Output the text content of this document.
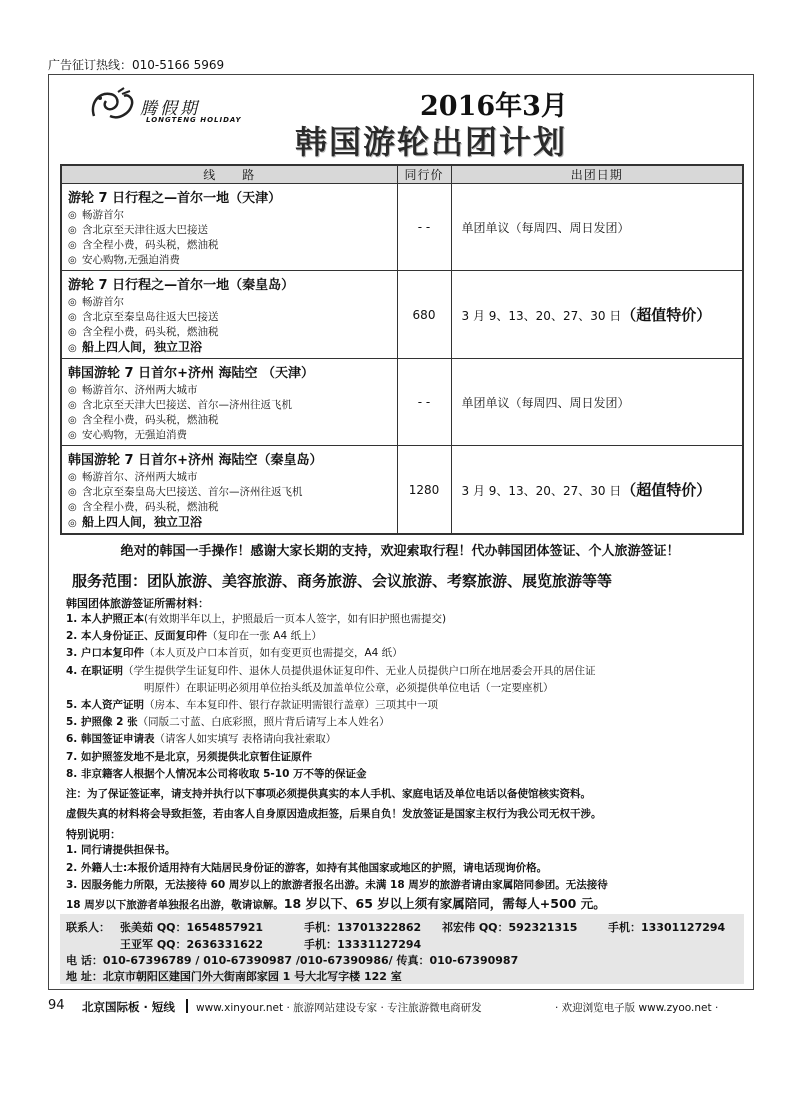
广告征订热线：010-5166 5969
腾假期
LONGTENG HOLIDAY	2016年3月
韩国游轮出团计划
线　　路	同行价	出团日期

游轮 7 日行程之—首尔一地（天津）
◎ 畅游首尔
◎ 含北京至天津往返大巴接送
◎ 含全程小费，码头税，燃油税
◎ 安心购物,无强迫消费	- -	单团单议（每周四、周日发团）

游轮 7 日行程之—首尔一地（秦皇岛）
◎ 畅游首尔
◎ 含北京至秦皇岛往返大巴接送
◎ 含全程小费，码头税，燃油税
◎ 船上四人间，独立卫浴	680	3 月 9、13、20、27、30 日（超值特价）

韩国游轮 7 日首尔+济州 海陆空 （天津）
◎ 畅游首尔、济州两大城市
◎ 含北京至天津大巴接送、首尔—济州往返飞机
◎ 含全程小费，码头税，燃油税
◎ 安心购物，无强迫消费	- -	单团单议（每周四、周日发团）

韩国游轮 7 日首尔+济州 海陆空（秦皇岛）
◎ 畅游首尔、济州两大城市
◎ 含北京至秦皇岛大巴接送、首尔—济州往返飞机
◎ 含全程小费，码头税，燃油税
◎ 船上四人间，独立卫浴	1280	3 月 9、13、20、27、30 日（超值特价）
绝对的韩国一手操作！感谢大家长期的支持，欢迎索取行程！代办韩国团体签证、个人旅游签证！
服务范围：团队旅游、美容旅游、商务旅游、会议旅游、考察旅游、展览旅游等等
韩国团体旅游签证所需材料：
1. 本人护照正本(有效期半年以上，护照最后一页本人签字，如有旧护照也需提交)
2. 本人身份证正、反面复印件（复印在一张 A4 纸上）
3. 户口本复印件（本人页及户口本首页，如有变更页也需提交，A4 纸）
4. 在职证明（学生提供学生证复印件、退休人员提供退休证复印件、无业人员提供户口所在地居委会开具的居住证
明原件）在职证明必须用单位抬头纸及加盖单位公章，必须提供单位电话（一定要座机）
5. 本人资产证明（房本、车本复印件、银行存款证明需银行盖章）三项其中一项
5. 护照像 2 张（同版二寸蓝、白底彩照，照片背后请写上本人姓名）
6. 韩国签证申请表（请客人如实填写 表格请向我社索取）
7. 如护照签发地不是北京，另须提供北京暂住证原件
8. 非京籍客人根据个人情况本公司将收取 5-10 万不等的保证金
注：为了保证签证率，请支持并执行以下事项必须提供真实的本人手机、家庭电话及单位电话以备使馆核实资料。
虚假失真的材料将会导致拒签，若由客人自身原因造成拒签，后果自负！发放签证是国家主权行为我公司无权干涉。
特别说明：
1. 同行请提供担保书。
2. 外籍人士:本报价适用持有大陆居民身份证的游客，如持有其他国家或地区的护照，请电话现询价格。
3. 因服务能力所限，无法接待 60 周岁以上的旅游者报名出游。未满 18 周岁的旅游者请由家属陪同参团。无法接待
18 周岁以下旅游者单独报名出游，敬请谅解。18 岁以下、65 岁以上须有家属陪同，需每人+500 元。
联系人： 张美茹 QQ：1654857921	手机：13701322862 祁宏伟 QQ：592321315	手机：13301127294
王亚军 QQ：2636331622	手机：13331127294
电 话：010-67396789 / 010-67390987 /010-67390986/ 传真：010-67390987
地 址：北京市朝阳区建国门外大街南郎家园 1 号大北写字楼 122 室
94 北京国际板 · 短线 www.xinyour.net · 旅游网站建设专家 · 专注旅游微电商研发	· 欢迎浏览电子版 www.zyoo.net ·
